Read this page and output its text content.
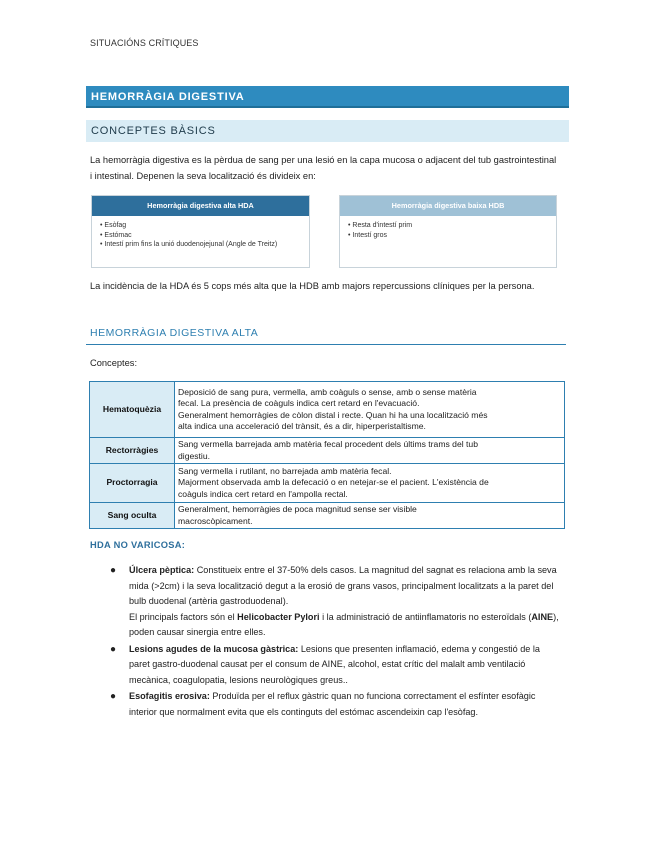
SITUACIÓNS CRÍTIQUES
HEMORRÀGIA DIGESTIVA
CONCEPTES BÀSICS
La hemorràgia digestiva es la pèrdua de sang per una lesió en la capa mucosa o adjacent del tub gastrointestinal i intestinal. Depenen la seva localització és divideix en:
Hemorràgia digestiva alta HDA
• Esòfag
• Estómac
• Intestí prim fins la unió duodenojejunal (Angle de Treitz)
Hemorràgia digestiva baixa HDB
• Resta d'intestí prim
• Intestí gros
La incidència de la HDA és 5 cops més alta que la HDB amb majors repercussions clíniques per la persona.
HEMORRÀGIA DIGESTIVA ALTA
Conceptes:
Hematoquèzia	Deposició de sang pura, vermella, amb coàguls o sense, amb o sense matèria
fecal. La presència de coàguls indica cert retard en l'evacuació.
Generalment hemorràgies de còlon distal i recte. Quan hi ha una localització més
alta indica una acceleració del trànsit, és a dir, hiperperistaltisme.

Rectorràgies	Sang vermella barrejada amb matèria fecal procedent dels últims trams del tub
digestiu.

Proctorragia	Sang vermella i rutilant, no barrejada amb matèria fecal.
Majorment observada amb la defecació o en netejar-se el pacient. L'existència de
coàguls indica cert retard en l'ampolla rectal.

Sang oculta	Generalment, hemorràgies de poca magnitud sense ser visible
macroscòpicament.
HDA NO VARICOSA:
● Úlcera pèptica: Constitueix entre el 37-50% dels casos. La magnitud del sagnat es relaciona amb la seva mida (>2cm) i la seva localització degut a la erosió de grans vasos, principalment localitzats a la paret del bulb duodenal (artèria gastroduodenal).
El principals factors són el Helicobacter Pylori i la administració de antiinflamatoris no esteroïdals (AINE), poden causar sinergia entre elles.
● Lesions agudes de la mucosa gàstrica: Lesions que presenten inflamació, edema y congestió de la paret gastro-duodenal causat per el consum de AINE, alcohol, estat crític del malalt amb ventilació mecànica, coagulopatia, lesions neurològiques greus..
● Esofagitis erosiva: Produïda per el reflux gàstric quan no funciona correctament el esfínter esofàgic interior que normalment evita que els continguts del estómac ascendeixin cap l'esòfag.
